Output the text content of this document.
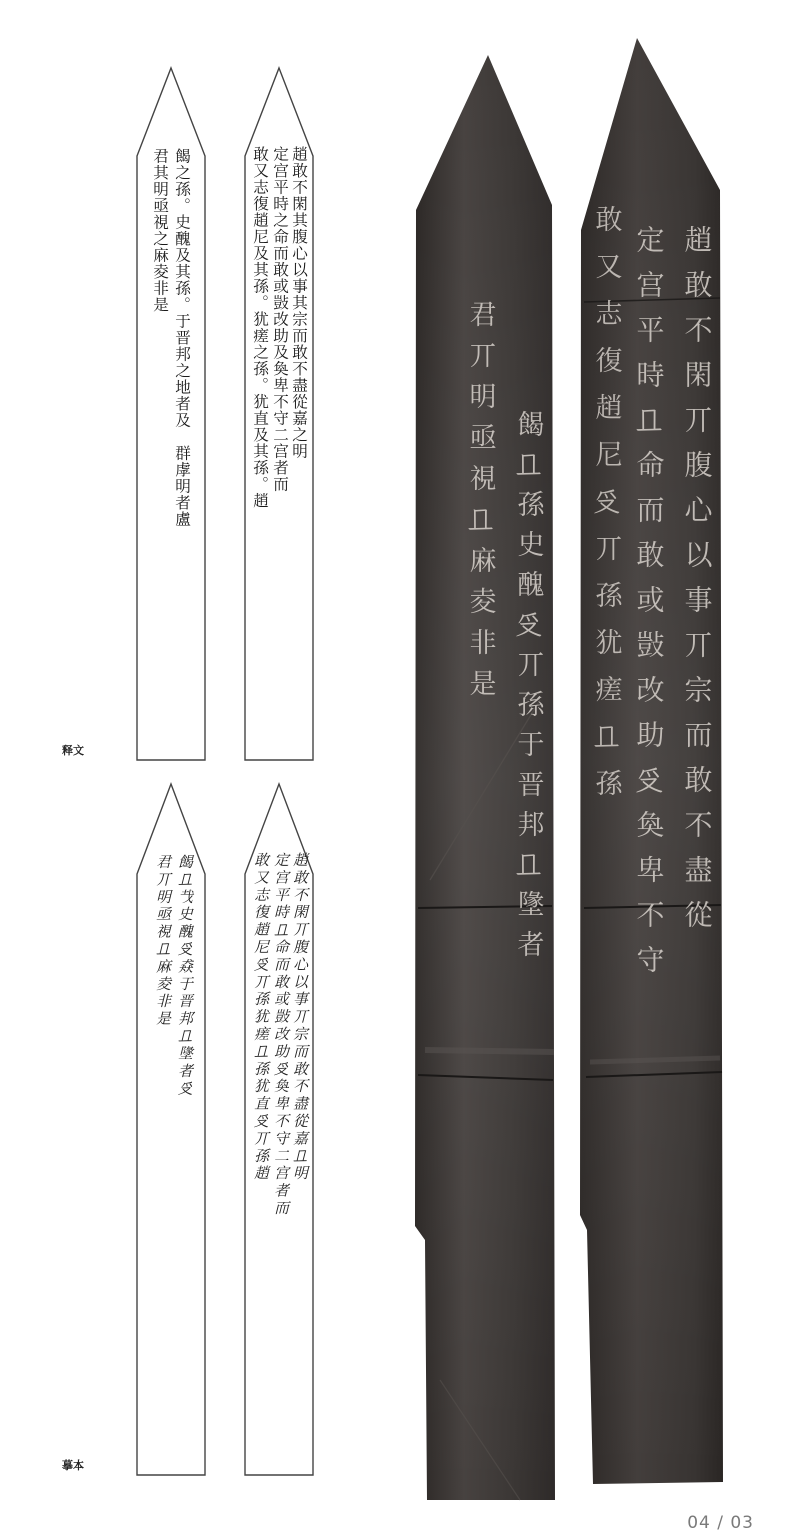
餲之孫。史醜及其孫。于晋邦之地者及　群虖明者盧
君其明亟視之麻夌非是	趙敢不閑其腹心以事其宗而敢不盡從嘉之明
定宫平時之命而敢或敱改助及奐卑不守二宫者而
敢又志復趙尼及其孫。犹瘥之孫。犹直及其孫。趙
释文
餲𠀃𢦏史醜𠬪猋于晋邦𠀃墬者𠬪
君丌明亟視𠀃麻夌非是	趙敢不閑丌腹心以事丌宗而敢不盡從嘉𠀃明
定宫平時𠀃命而敢或敱改助𠬪奐卑不守二宫者而
敢又志復趙尼𠬪丌孫犹瘥𠀃孫犹直𠬪丌孫趙
摹本
君丌明亟視𠀃麻夌非是 餲𠀃孫史醜𠬪丌孫于晋邦𠀃墬者	趙敢不閑丌腹心以事丌宗而敢不盡從
定宫平時𠀃命而敢或敱改助𠬪奐卑不守
敢又志復趙尼𠬪丌孫犹瘥𠀃孫
04 / 03
